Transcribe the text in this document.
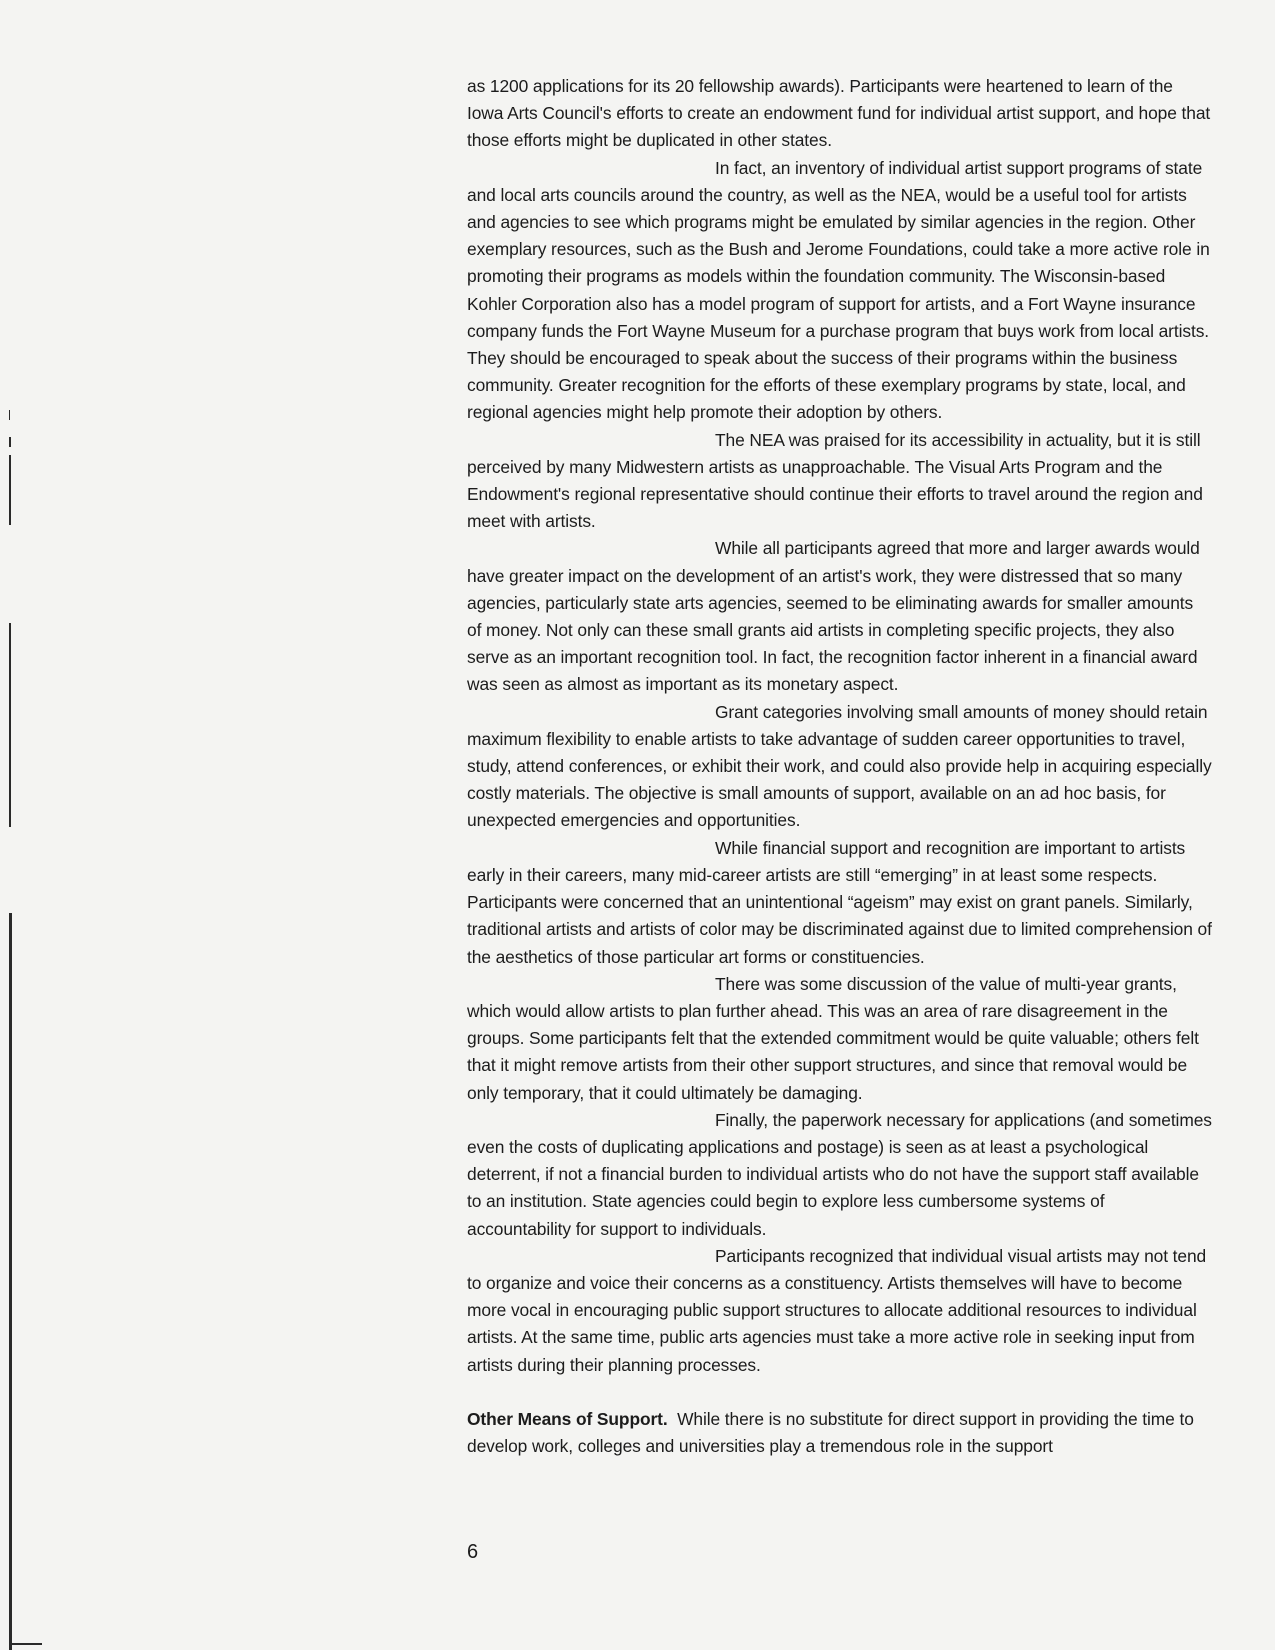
as 1200 applications for its 20 fellowship awards). Participants were heartened to learn of the Iowa Arts Council's efforts to create an endowment fund for individual artist support, and hope that those efforts might be duplicated in other states.

In fact, an inventory of individual artist support programs of state and local arts councils around the country, as well as the NEA, would be a useful tool for artists and agencies to see which programs might be emulated by similar agencies in the region. Other exemplary resources, such as the Bush and Jerome Foundations, could take a more active role in promoting their programs as models within the foundation community. The Wisconsin-based Kohler Corporation also has a model program of support for artists, and a Fort Wayne insurance company funds the Fort Wayne Museum for a purchase program that buys work from local artists. They should be encouraged to speak about the success of their programs within the business community. Greater recognition for the efforts of these exemplary programs by state, local, and regional agencies might help promote their adoption by others.

The NEA was praised for its accessibility in actuality, but it is still perceived by many Midwestern artists as unapproachable. The Visual Arts Program and the Endowment's regional representative should continue their efforts to travel around the region and meet with artists.

While all participants agreed that more and larger awards would have greater impact on the development of an artist's work, they were distressed that so many agencies, particularly state arts agencies, seemed to be eliminating awards for smaller amounts of money. Not only can these small grants aid artists in completing specific projects, they also serve as an important recognition tool. In fact, the recognition factor inherent in a financial award was seen as almost as important as its monetary aspect.

Grant categories involving small amounts of money should retain maximum flexibility to enable artists to take advantage of sudden career opportunities to travel, study, attend conferences, or exhibit their work, and could also provide help in acquiring especially costly materials. The objective is small amounts of support, available on an ad hoc basis, for unexpected emergencies and opportunities.

While financial support and recognition are important to artists early in their careers, many mid-career artists are still “emerging” in at least some respects. Participants were concerned that an unintentional “ageism” may exist on grant panels. Similarly, traditional artists and artists of color may be discriminated against due to limited comprehension of the aesthetics of those particular art forms or constituencies.

There was some discussion of the value of multi-year grants, which would allow artists to plan further ahead. This was an area of rare disagreement in the groups. Some participants felt that the extended commitment would be quite valuable; others felt that it might remove artists from their other support structures, and since that removal would be only temporary, that it could ultimately be damaging.

Finally, the paperwork necessary for applications (and sometimes even the costs of duplicating applications and postage) is seen as at least a psychological deterrent, if not a financial burden to individual artists who do not have the support staff available to an institution. State agencies could begin to explore less cumbersome systems of accountability for support to individuals.

Participants recognized that individual visual artists may not tend to organize and voice their concerns as a constituency. Artists themselves will have to become more vocal in encouraging public support structures to allocate additional resources to individual artists. At the same time, public arts agencies must take a more active role in seeking input from artists during their planning processes.

Other Means of Support. While there is no substitute for direct support in providing the time to develop work, colleges and universities play a tremendous role in the support

6
